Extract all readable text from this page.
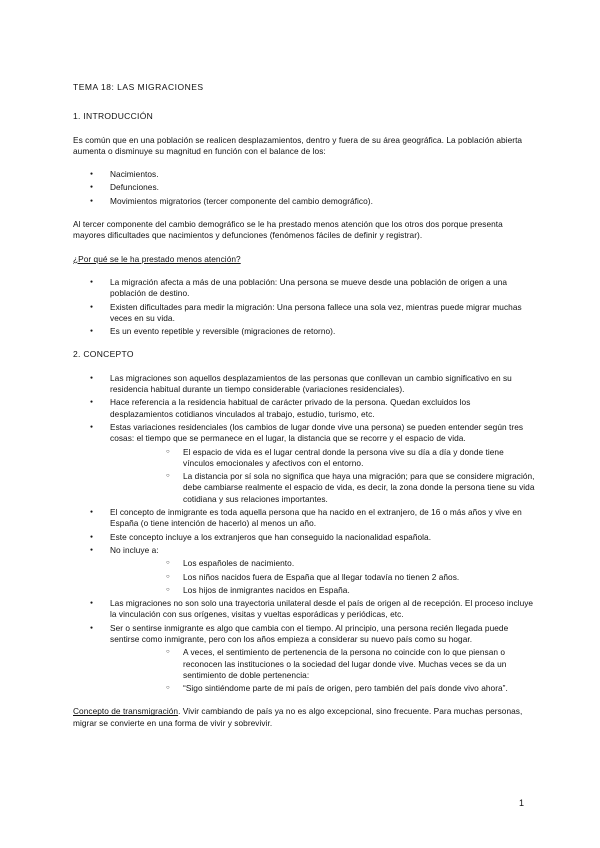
TEMA 18: LAS MIGRACIONES
1. INTRODUCCIÓN

Es común que en una población se realicen desplazamientos, dentro y fuera de su área geográfica. La población abierta aumenta o disminuye su magnitud en función con el balance de los:

● Nacimientos.
● Defunciones.
● Movimientos migratorios (tercer componente del cambio demográfico).

Al tercer componente del cambio demográfico se le ha prestado menos atención que los otros dos porque presenta mayores dificultades que nacimientos y defunciones (fenómenos fáciles de definir y registrar).

¿Por qué se le ha prestado menos atención?

● La migración afecta a más de una población: Una persona se mueve desde una población de origen a una población de destino.
● Existen dificultades para medir la migración: Una persona fallece una sola vez, mientras puede migrar muchas veces en su vida.
● Es un evento repetible y reversible (migraciones de retorno).
2. CONCEPTO
● Las migraciones son aquellos desplazamientos de las personas que conllevan un cambio significativo en su residencia habitual durante un tiempo considerable (variaciones residenciales).
● Hace referencia a la residencia habitual de carácter privado de la persona. Quedan excluidos los desplazamientos cotidianos vinculados al trabajo, estudio, turismo, etc.
● Estas variaciones residenciales (los cambios de lugar donde vive una persona) se pueden entender según tres cosas: el tiempo que se permanece en el lugar, la distancia que se recorre y el espacio de vida.
○ El espacio de vida es el lugar central donde la persona vive su día a día y donde tiene vínculos emocionales y afectivos con el entorno.
○ La distancia por sí sola no significa que haya una migración; para que se considere migración, debe cambiarse realmente el espacio de vida, es decir, la zona donde la persona tiene su vida cotidiana y sus relaciones importantes.
● El concepto de inmigrante es toda aquella persona que ha nacido en el extranjero, de 16 o más años y vive en España (o tiene intención de hacerlo) al menos un año.
● Este concepto incluye a los extranjeros que han conseguido la nacionalidad española.
● No incluye a:
○ Los españoles de nacimiento.
○ Los niños nacidos fuera de España que al llegar todavía no tienen 2 años.
○ Los hijos de inmigrantes nacidos en España.
● Las migraciones no son solo una trayectoria unilateral desde el país de origen al de recepción. El proceso incluye la vinculación con sus orígenes, visitas y vueltas esporádicas y periódicas, etc.
● Ser o sentirse inmigrante es algo que cambia con el tiempo. Al principio, una persona recién llegada puede sentirse como inmigrante, pero con los años empieza a considerar su nuevo país como su hogar.
○ A veces, el sentimiento de pertenencia de la persona no coincide con lo que piensan o reconocen las instituciones o la sociedad del lugar donde vive. Muchas veces se da un sentimiento de doble pertenencia:
○ “Sigo sintiéndome parte de mi país de origen, pero también del país donde vivo ahora”.

Concepto de transmigración. Vivir cambiando de país ya no es algo excepcional, sino frecuente. Para muchas personas, migrar se convierte en una forma de vivir y sobrevivir.

1
